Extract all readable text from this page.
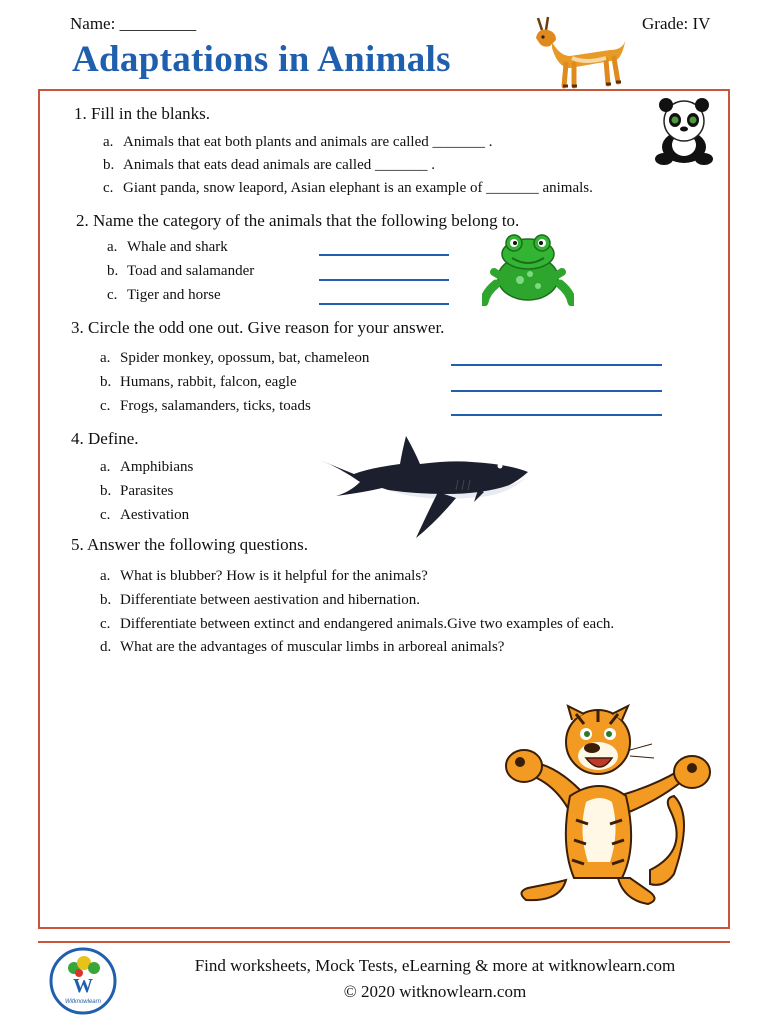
Name: _________	Grade: IV
Adaptations in Animals
1. Fill in the blanks.
a. Animals that eat both plants and animals are called _______ .
b. Animals that eats dead animals are called _______ .
c. Giant panda, snow leapord, Asian elephant is an example of _______ animals.
2. Name the category of the animals that the following belong to.
a. Whale and shark
b. Toad and salamander
c. Tiger and horse
3. Circle the odd one out. Give reason for your answer.
a. Spider monkey, opossum, bat, chameleon
b. Humans, rabbit, falcon, eagle
c. Frogs, salamanders, ticks, toads
4. Define.
a. Amphibians
b. Parasites
c. Aestivation
5. Answer the following questions.
a. What is blubber? How is it helpful for the animals?
b. Differentiate between aestivation and hibernation.
c. Differentiate between extinct and endangered animals.Give two examples of each.
d. What are the advantages of muscular limbs in arboreal animals?
W
Witknowlearn
Find worksheets, Mock Tests, eLearning & more at witknowlearn.com
© 2020 witknowlearn.com
